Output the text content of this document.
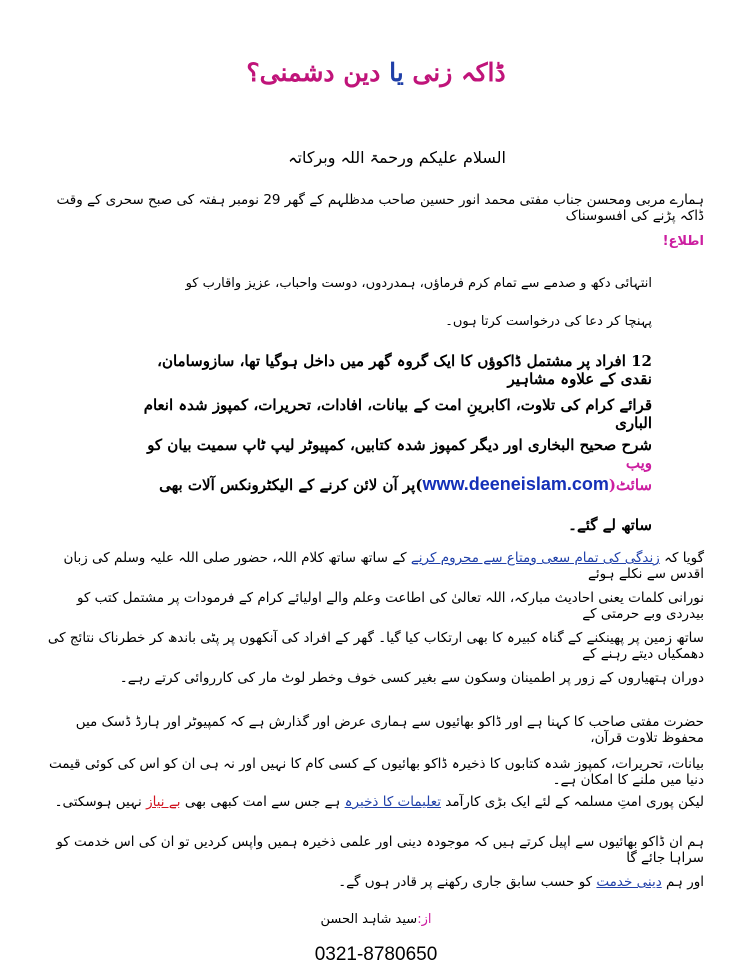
ڈاکہ زنی یا دین دشمنی؟
السلام علیکم ورحمۃ اللہ وبرکاتہ
ہمارے مربی ومحسن جناب مفتی محمد انور حسین صاحب مدظلہم کے گھر 29 نومبر ہفتہ کی صبح سحری کے وقت ڈاکہ پڑنے کی افسوسناک
اطلاع!
انتہائی دکھ و صدمے سے تمام کرم فرماؤں، ہمدردوں، دوست واحباب، عزیز واقارب کو
پہنچا کر دعا کی درخواست کرتا ہوں۔
12 افراد پر مشتمل ڈاکوؤں کا ایک گروہ گھر میں داخل ہوگیا تھا، سازوسامان، نقدی کے علاوہ مشاہیر
قرائے کرام کی تلاوت، اکابرینِ امت کے بیانات، افادات، تحریرات، کمپوز شدہ انعام الباری
شرح صحیح البخاری اور دیگر کمپوز شدہ کتابیں، کمپیوٹر لیپ ٹاپ سمیت بیان کو ویب
سائٹ(www.deeneislam.com)پر آن لائن کرنے کے الیکٹرونکس آلات بھی
ساتھ لے گئے۔
گویا کہ زندگی کی تمام سعی ومتاع سے محروم کرنے کے ساتھ ساتھ کلام اللہ، حضور صلی اللہ علیہ وسلم کی زبان اقدس سے نکلے ہوئے
نورانی کلمات یعنی احادیث مبارکہ، اللہ تعالیٰ کی اطاعت وعلم والے اولیائے کرام کے فرمودات پر مشتمل کتب کو بیدردی وبے حرمتی کے
ساتھ زمین پر پھینکنے کے گناہ کبیرہ کا بھی ارتکاب کیا گیا۔ گھر کے افراد کی آنکھوں پر پٹی باندھ کر خطرناک نتائج کی دھمکیاں دیتے رہنے کے
دوران ہتھیاروں کے زور پر اطمینان وسکون سے بغیر کسی خوف وخطر لوٹ مار کی کارروائی کرتے رہے۔
حضرت مفتی صاحب کا کہنا ہے اور ڈاکو بھائیوں سے ہماری عرض اور گذارش ہے کہ کمپیوٹر اور ہارڈ ڈسک میں محفوظ تلاوت قرآن،
بیانات، تحریرات، کمپوز شدہ کتابوں کا ذخیرہ ڈاکو بھائیوں کے کسی کام کا نہیں اور نہ ہی ان کو اس کی کوئی قیمت دنیا میں ملنے کا امکان ہے۔
لیکن پوری امتِ مسلمہ کے لئے ایک بڑی کارآمد تعلیمات کا ذخیرہ ہے جس سے امت کبھی بھی بے نیاز نہیں ہوسکتی۔
ہم ان ڈاکو بھائیوں سے اپیل کرتے ہیں کہ موجودہ دینی اور علمی ذخیرہ ہمیں واپس کردیں تو ان کی اس خدمت کو سراہا جائے گا
اور ہم دینی خدمت کو حسب سابق جاری رکھنے پر قادر ہوں گے۔
از:سید شاہد الحسن
0321-8780650
